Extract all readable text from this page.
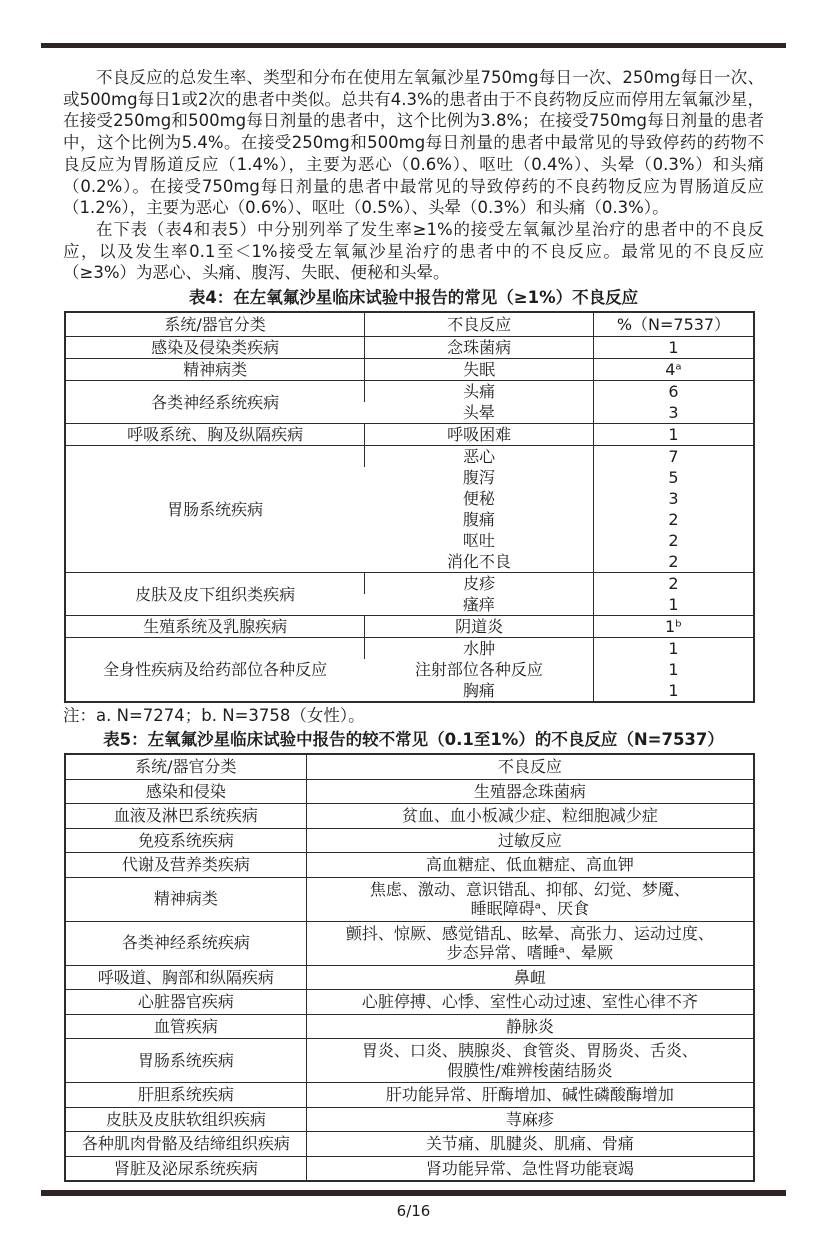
不良反应的总发生率、类型和分布在使用左氧氟沙星750mg每日一次、250mg每日一次、或500mg每日1或2次的患者中类似。总共有4.3%的患者由于不良药物反应而停用左氧氟沙星，在接受250mg和500mg每日剂量的患者中，这个比例为3.8%；在接受750mg每日剂量的患者中，这个比例为5.4%。在接受250mg和500mg每日剂量的患者中最常见的导致停药的药物不良反应为胃肠道反应（1.4%），主要为恶心（0.6%）、呕吐（0.4%）、头晕（0.3%）和头痛（0.2%）。在接受750mg每日剂量的患者中最常见的导致停药的不良药物反应为胃肠道反应（1.2%），主要为恶心（0.6%）、呕吐（0.5%）、头晕（0.3%）和头痛（0.3%）。

在下表（表4和表5）中分别列举了发生率≥1%的接受左氧氟沙星治疗的患者中的不良反应，以及发生率0.1至＜1%接受左氧氟沙星治疗的患者中的不良反应。最常见的不良反应（≥3%）为恶心、头痛、腹泻、失眠、便秘和头晕。

表4：在左氧氟沙星临床试验中报告的常见（≥1%）不良反应
系统/器官分类	不良反应	%（N=7537）
感染及侵染类疾病	念珠菌病	1
精神病类	失眠	4ᵃ
各类神经系统疾病	头痛	6
	头晕	3
呼吸系统、胸及纵隔疾病	呼吸困难	1
胃肠系统疾病	恶心	7
	腹泻	5
	便秘	3
	腹痛	2
	呕吐	2
	消化不良	2
皮肤及皮下组织类疾病	皮疹	2
	瘙痒	1
生殖系统及乳腺疾病	阴道炎	1ᵇ
全身性疾病及给药部位各种反应	水肿	1
	注射部位各种反应	1
	胸痛	1
注：a. N=7274；b. N=3758（女性）。
表5：左氧氟沙星临床试验中报告的较不常见（0.1至1%）的不良反应（N=7537）
系统/器官分类	不良反应
感染和侵染	生殖器念珠菌病

血液及淋巴系统疾病	贫血、血小板减少症、粒细胞减少症

免疫系统疾病	过敏反应

代谢及营养类疾病	高血糖症、低血糖症、高血钾

精神病类	焦虑、激动、意识错乱、抑郁、幻觉、梦魇、
睡眠障碍ᵃ、厌食

各类神经系统疾病	颤抖、惊厥、感觉错乱、眩晕、高张力、运动过度、
步态异常、嗜睡ᵃ、晕厥

呼吸道、胸部和纵隔疾病	鼻衄

心脏器官疾病	心脏停搏、心悸、室性心动过速、室性心律不齐

血管疾病	静脉炎

胃肠系统疾病	胃炎、口炎、胰腺炎、食管炎、胃肠炎、舌炎、
假膜性/难辨梭菌结肠炎

肝胆系统疾病	肝功能异常、肝酶增加、碱性磷酸酶增加

皮肤及皮肤软组织疾病	荨麻疹

各种肌肉骨骼及结缔组织疾病	关节痛、肌腱炎、肌痛、骨痛

肾脏及泌尿系统疾病	肾功能异常、急性肾功能衰竭
6/16
